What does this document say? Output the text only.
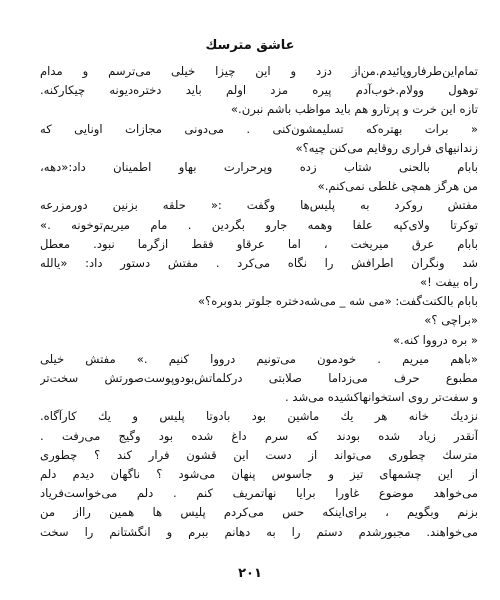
عاشق مترسك
تمام‌این‌طرفاروپائیدم.من‌از دزد و این چیزا خیلی می‌ترسم و مدام
توهول وولام.خوب‌آدم پیره مزد اولم باید دختره‌دیونه چیکارکنه.
تازه این خرت و پرتارو هم باید مواظب باشم نبرن.»
« برات بهتره‌که تسلیمشون‌کنی . می‌دونی مجازات اونایی که
زندانیهای فراری روقایم می‌کنن چیه؟»
بابام بالحنی شتاب زده وپرحرارت بهاو اطمینان داد:«دهه،
من هرگز همچی غلطی نمی‌کنم.»
مفتش روکرد به پلیس‌ها وگفت :« حلقه بزنین دورمزرعه
توکرتا ولای‌کپه علفا وهمه جارو بگردین . مام میریم‌توخونه .»
بابام عرق میریخت ، اما عرقاو فقط ازگرما نبود. معطل
شد ونگران اطرافش را نگاه می‌کرد . مفتش دستور داد: «یالله
راه بیفت !»
بابام بالکنت‌گفت: «می شه _ می‌شه‌دختره جلوتر بدوبره؟»
«براچی ؟»
« بره درووا کنه.»
«باهم میریم . خودمون می‌تونیم درووا کنیم .» مفتش خیلی
مطبوع حرف می‌زداما صلابتی درکلماتش‌بودوپوست‌صورتش سخت‌تر
و سفت‌تر روی استخوانها‌کشیده می‌شد .
نزدیك خانه هر یك ماشین بود بادوتا پلیس و یك کارآگاه.
آنقدر زیاد شده بودند که سرم داغ شده بود وگیج می‌رفت .
مترسك چطوری می‌تواند از دست این قشون فرار کند ؟ چطوری
از این چشمهای تیز و جاسوس پنهان می‌شود ؟ ناگهان دیدم دلم
می‌خواهد موضوع غاورا برایا نهاتمریف کنم . دلم می‌خواست‌فریاد
بزنم وبگویم ، برای‌اینکه حس می‌کردم پلیس ها همین رااز من
می‌خواهند. مجبورشدم دستم را به دهانم ببرم و انگشتانم را سخت
۲۰۱
